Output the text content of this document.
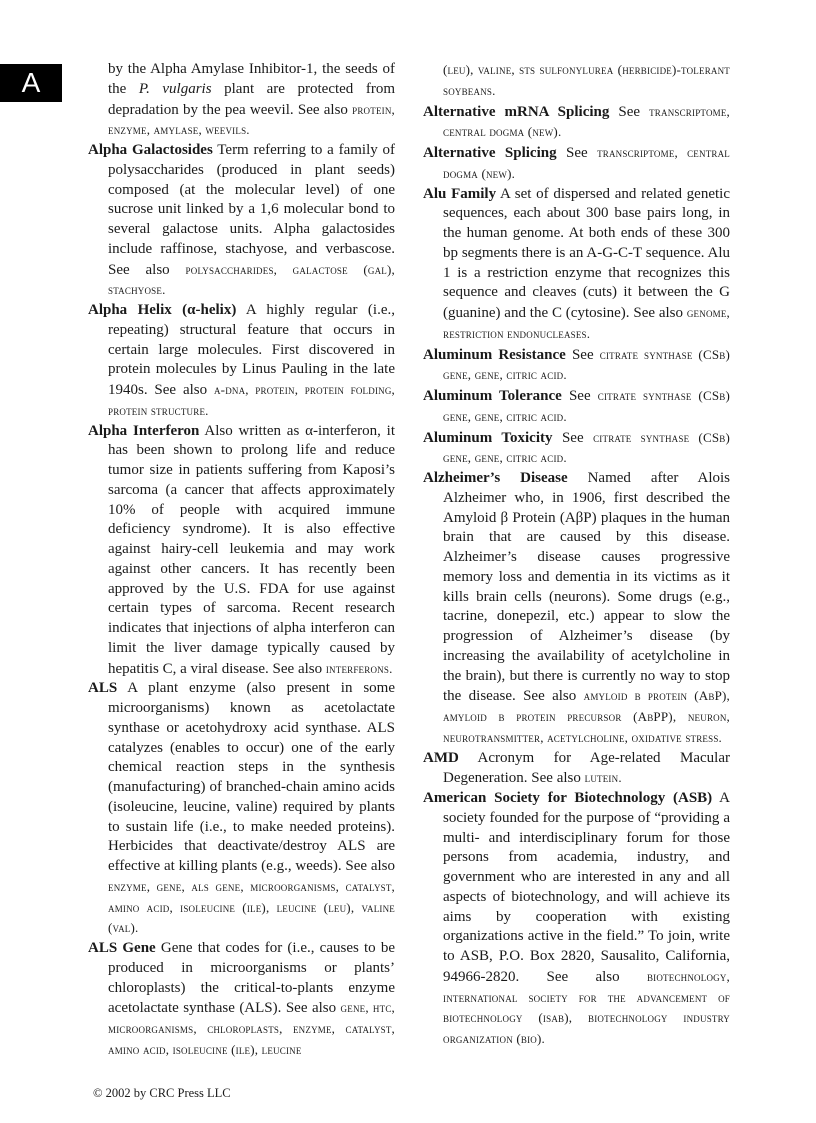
A	by the Alpha Amylase Inhibitor-1, the seeds of the P. vulgaris plant are protected from depradation by the pea weevil. See also protein, enzyme, amylase, weevils.

Alpha Galactosides Term referring to a family of polysaccharides (produced in plant seeds) composed (at the molecular level) of one sucrose unit linked by a 1,6 molecular bond to several galactose units. Alpha galactosides include raffinose, stachyose, and verbascose. See also polysaccharides, galactose (gal), stachyose.

Alpha Helix (α-helix) A highly regular (i.e., repeating) structural feature that occurs in certain large molecules. First discovered in protein molecules by Linus Pauling in the late 1940s. See also a-dna, protein, protein folding, protein structure.

Alpha Interferon Also written as α-interferon, it has been shown to prolong life and reduce tumor size in patients suffering from Kaposi’s sarcoma (a cancer that affects approximately 10% of people with acquired immune deficiency syndrome). It is also effective against hairy-cell leukemia and may work against other cancers. It has recently been approved by the U.S. FDA for use against certain types of sarcoma. Recent research indicates that injections of alpha interferon can limit the liver damage typically caused by hepatitis C, a viral disease. See also interferons.

ALS A plant enzyme (also present in some microorganisms) known as acetolactate synthase or acetohydroxy acid synthase. ALS catalyzes (enables to occur) one of the early chemical reaction steps in the synthesis (manufacturing) of branched-chain amino acids (isoleucine, leucine, valine) required by plants to sustain life (i.e., to make needed proteins). Herbicides that deactivate/destroy ALS are effective at killing plants (e.g., weeds). See also enzyme, gene, als gene, microorganisms, catalyst, amino acid, isoleucine (ile), leucine (leu), valine (val).

ALS Gene Gene that codes for (i.e., causes to be produced in microorganisms or plants’ chloroplasts) the critical-to-plants enzyme acetolactate synthase (ALS). See also gene, htc, microorganisms, chloroplasts, enzyme, catalyst, amino acid, isoleucine (ile), leucine

(leu), valine, sts sulfonylurea (herbicide)-tolerant soybeans.

Alternative mRNA Splicing See transcriptome, central dogma (new).

Alternative Splicing See transcriptome, central dogma (new).

Alu Family A set of dispersed and related genetic sequences, each about 300 base pairs long, in the human genome. At both ends of these 300 bp segments there is an A-G-C-T sequence. Alu 1 is a restriction enzyme that recognizes this sequence and cleaves (cuts) it between the G (guanine) and the C (cytosine). See also genome, restriction endonucleases.

Aluminum Resistance See citrate synthase (CSb) gene, gene, citric acid.

Aluminum Tolerance See citrate synthase (CSb) gene, gene, citric acid.

Aluminum Toxicity See citrate synthase (CSb) gene, gene, citric acid.

Alzheimer’s Disease Named after Alois Alzheimer who, in 1906, first described the Amyloid β Protein (AβP) plaques in the human brain that are caused by this disease. Alzheimer’s disease causes progressive memory loss and dementia in its victims as it kills brain cells (neurons). Some drugs (e.g., tacrine, donepezil, etc.) appear to slow the progression of Alzheimer’s disease (by increasing the availability of acetylcholine in the brain), but there is currently no way to stop the disease. See also amyloid β protein (AβP), amyloid β protein precursor (AβPP), neuron, neurotransmitter, acetylcholine, oxidative stress.

AMD Acronym for Age-related Macular Degeneration. See also lutein.

American Society for Biotechnology (ASB) A society founded for the purpose of “providing a multi- and interdisciplinary forum for those persons from academia, industry, and government who are interested in any and all aspects of biotechnology, and will achieve its aims by cooperation with existing organizations active in the field.” To join, write to ASB, P.O. Box 2820, Sausalito, California, 94966-2820. See also biotechnology, international society for the advancement of biotechnology (isab), biotechnology industry organization (bio).

© 2002 by CRC Press LLC
